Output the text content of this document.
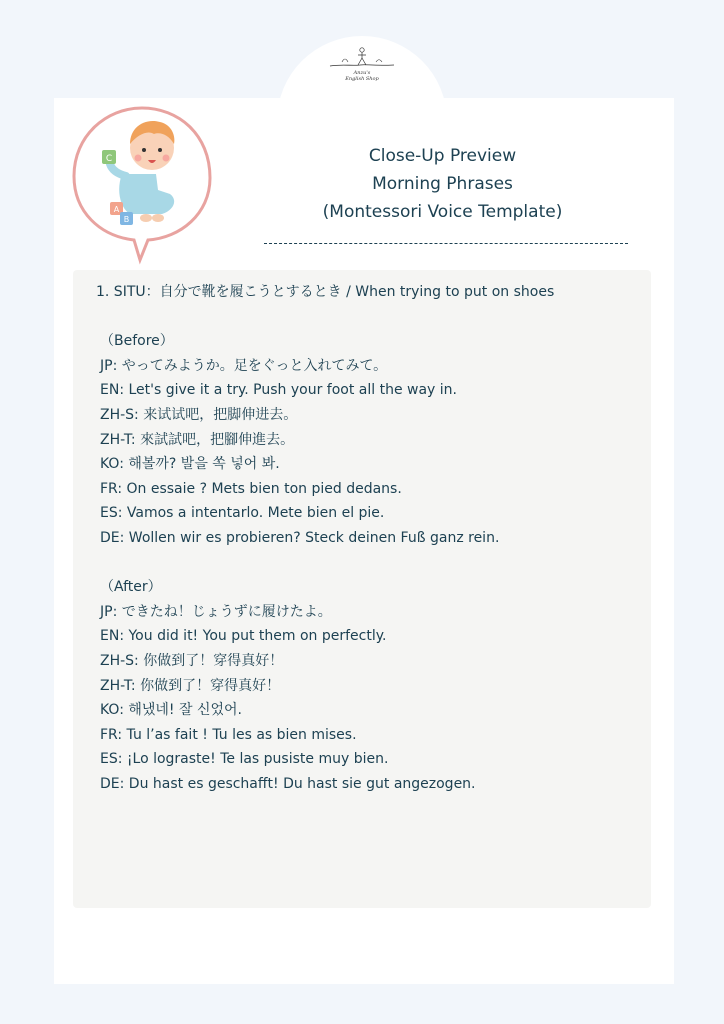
Anzu's
English Shop
C
A
B
Close-Up Preview
Morning Phrases
(Montessori Voice Template)
1. SITU：自分で靴を履こうとするとき / When trying to put on shoes
（Before）
JP: やってみようか。足をぐっと入れてみて。
EN: Let's give it a try. Push your foot all the way in.
ZH-S: 来试试吧，把脚伸进去。
ZH-T: 來試試吧，把腳伸進去。
KO: 해볼까? 발을 쏙 넣어 봐.
FR: On essaie ? Mets bien ton pied dedans.
ES: Vamos a intentarlo. Mete bien el pie.
DE: Wollen wir es probieren? Steck deinen Fuß ganz rein.
（After）
JP: できたね！じょうずに履けたよ。
EN: You did it! You put them on perfectly.
ZH-S: 你做到了！穿得真好！
ZH-T: 你做到了！穿得真好！
KO: 해냈네! 잘 신었어.
FR: Tu l’as fait ! Tu les as bien mises.
ES: ¡Lo lograste! Te las pusiste muy bien.
DE: Du hast es geschafft! Du hast sie gut angezogen.
